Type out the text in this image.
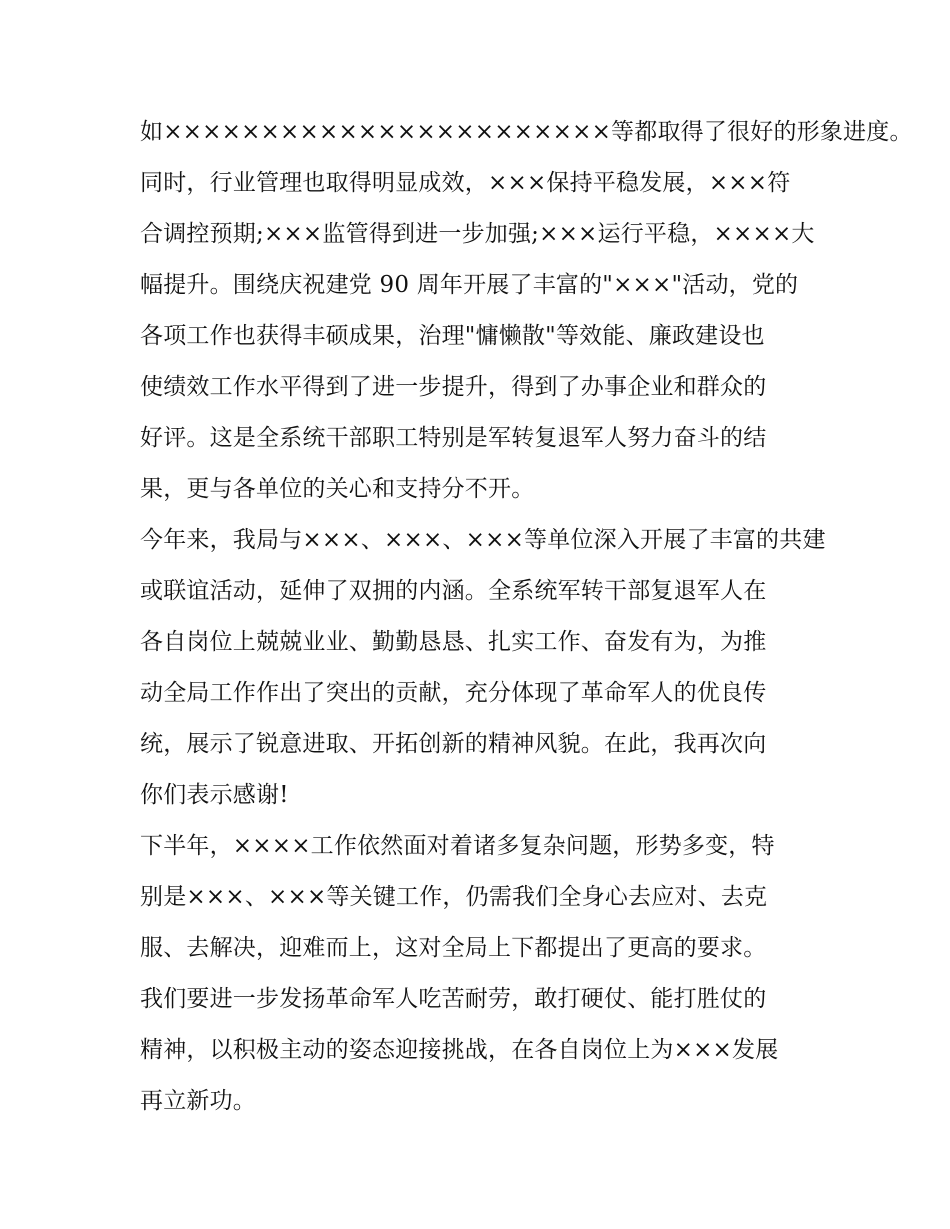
如×××××××××××××××××××××××等都取得了很好的形象进度。
同时，行业管理也取得明显成效，×××保持平稳发展，×××符
合调控预期;×××监管得到进一步加强;×××运行平稳，××××大
幅提升。围绕庆祝建党 90 周年开展了丰富的"×××"活动，党的
各项工作也获得丰硕成果，治理"慵懒散"等效能、廉政建设也
使绩效工作水平得到了进一步提升，得到了办事企业和群众的
好评。这是全系统干部职工特别是军转复退军人努力奋斗的结
果，更与各单位的关心和支持分不开。
今年来，我局与×××、×××、×××等单位深入开展了丰富的共建
或联谊活动，延伸了双拥的内涵。全系统军转干部复退军人在
各自岗位上兢兢业业、勤勤恳恳、扎实工作、奋发有为，为推
动全局工作作出了突出的贡献，充分体现了革命军人的优良传
统，展示了锐意进取、开拓创新的精神风貌。在此，我再次向
你们表示感谢!
下半年，××××工作依然面对着诸多复杂问题，形势多变，特
别是×××、×××等关键工作，仍需我们全身心去应对、去克
服、去解决，迎难而上，这对全局上下都提出了更高的要求。
我们要进一步发扬革命军人吃苦耐劳，敢打硬仗、能打胜仗的
精神，以积极主动的姿态迎接挑战，在各自岗位上为×××发展
再立新功。
